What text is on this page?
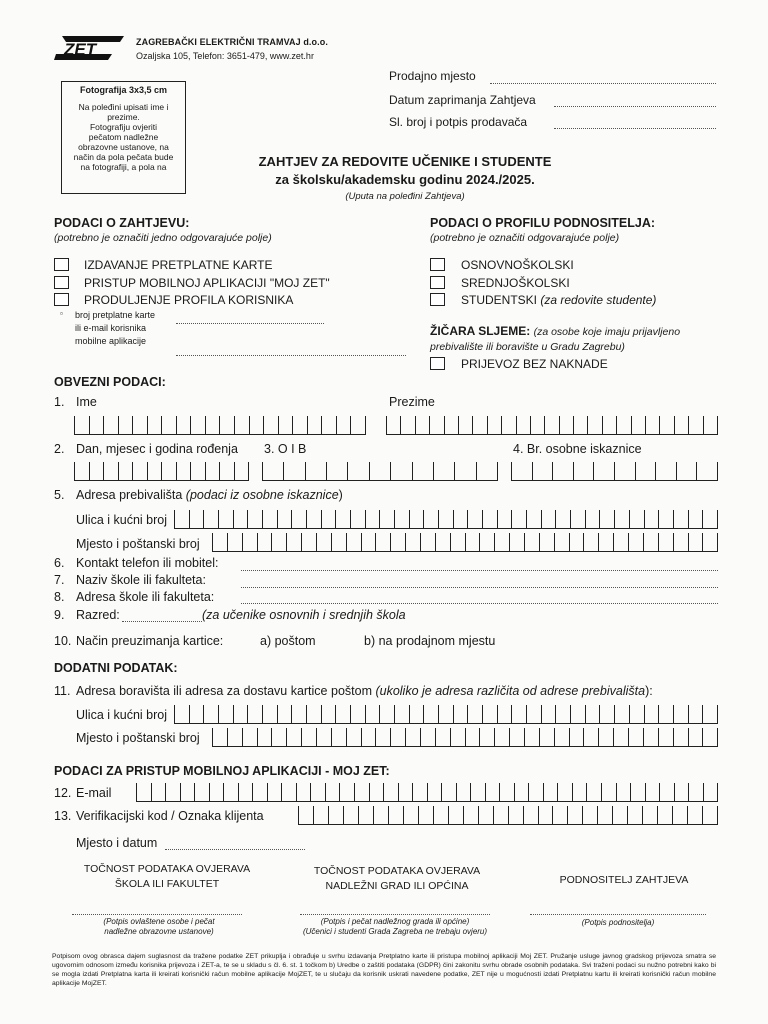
ZET	ZAGREBAČKI ELEKTRIČNI TRAMVAJ d.o.o.
Ozaljska 105, Telefon: 3651-479, www.zet.hr
Fotografija 3x3,5 cm
Na poleđini upisati ime i
prezime.
Fotografiju ovjeriti
pečatom nadležne
obrazovne ustanove, na
način da pola pečata bude
na fotografiji, a pola na
Prodajno mjesto
Datum zaprimanja Zahtjeva
Sl. broj i potpis prodavača
ZAHTJEV ZA REDOVITE UČENIKE I STUDENTE
za školsku/akademsku godinu 2024./2025.
(Uputa na poleđini Zahtjeva)
PODACI O ZAHTJEVU:
(potrebno je označiti jedno odgovarajuće polje)
IZDAVANJE PRETPLATNE KARTE
PRISTUP MOBILNOJ APLIKACIJI "MOJ ZET"
PRODULJENJE PROFILA KORISNIKA
▫ broj pretplatne karte
ili e-mail korisnika
mobilne aplikacije
PODACI O PROFILU PODNOSITELJA:
(potrebno je označiti odgovarajuće polje)
OSNOVNOŠKOLSKI
SREDNJOŠKOLSKI
STUDENTSKI (za redovite studente)
ŽIČARA SLJEME: (za osobe koje imaju prijavljeno
prebivalište ili boravište u Gradu Zagrebu)
PRIJEVOZ BEZ NAKNADE
OBVEZNI PODACI:
1. Ime	Prezime
2. Dan, mjesec i godina rođenja 3. O I B	4. Br. osobne iskaznice
5. Adresa prebivališta (podaci iz osobne iskaznice)
Ulica i kućni broj
Mjesto i poštanski broj
6. Kontakt telefon ili mobitel:
7. Naziv škole ili fakulteta:
8. Adresa škole ili fakulteta:
9. Razred:	(za učenike osnovnih i srednjih škola
10. Način preuzimanja kartice:	a) poštom	b) na prodajnom mjestu
DODATNI PODATAK:
11. Adresa boravišta ili adresa za dostavu kartice poštom (ukoliko je adresa različita od adrese prebivališta):
Ulica i kućni broj
Mjesto i poštanski broj
PODACI ZA PRISTUP MOBILNOJ APLIKACIJI - MOJ ZET:
12. E-mail
13. Verifikacijski kod / Oznaka klijenta
Mjesto i datum
TOČNOST PODATAKA OVJERAVA
ŠKOLA ILI FAKULTET
TOČNOST PODATAKA OVJERAVA
NADLEŽNI GRAD ILI OPĆINA	PODNOSITELJ ZAHTJEVA
(Potpis ovlaštene osobe i pečat
nadležne obrazovne ustanove)
(Potpis i pečat nadležnog grada ili općine)
(Učenici i studenti Grada Zagreba ne trebaju ovjeru)
(Potpis podnositelja)
Potpisom ovog obrasca dajem suglasnost da tražene podatke ZET prikuplja i obrađuje u svrhu izdavanja Pretplatno karte ili pristupa mobilnoj aplikaciji Moj ZET. Pružanje usluge javnog gradskog prijevoza smatra se ugovornim odnosom između korisnika prijevoza i ZET-a, te se u skladu s čl. 6. st. 1 točkom b) Uredbe o zaštiti podataka (GDPR) čini zakonitu svrhu obrade osobnih podataka. Svi traženi podaci su nužno potrebni kako bi se mogla izdati Pretplatna karta ili kreirati korisnički račun mobilne aplikacije MojZET, te u slučaju da korisnik uskrati navedene podatke, ZET nije u mogućnosti izdati Pretplatnu kartu ili kreirati korisnički račun mobilne aplikacije MojZET.
